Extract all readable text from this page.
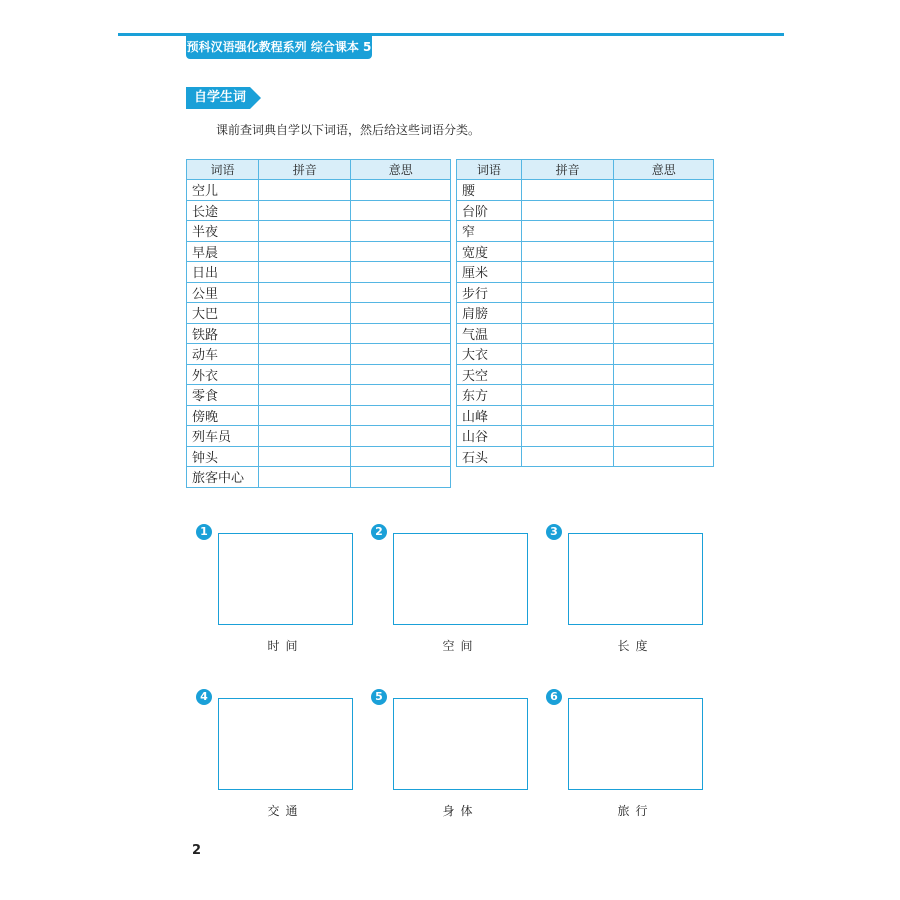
预科汉语强化教程系列 综合课本 5
自学生词
课前查词典自学以下词语，然后给这些词语分类。
词语	拼音	意思
空儿		
长途		
半夜		
早晨		
日出		
公里		
大巴		
铁路		
动车		
外衣		
零食		
傍晚		
列车员		
钟头		
旅客中心		
词语	拼音	意思
腰		
台阶		
窄		
宽度		
厘米		
步行		
肩膀		
气温		
大衣		
天空		
东方		
山峰		
山谷		
石头		
1
时间
2
空间
3
长度
4
交通
5
身体
6
旅行
2
